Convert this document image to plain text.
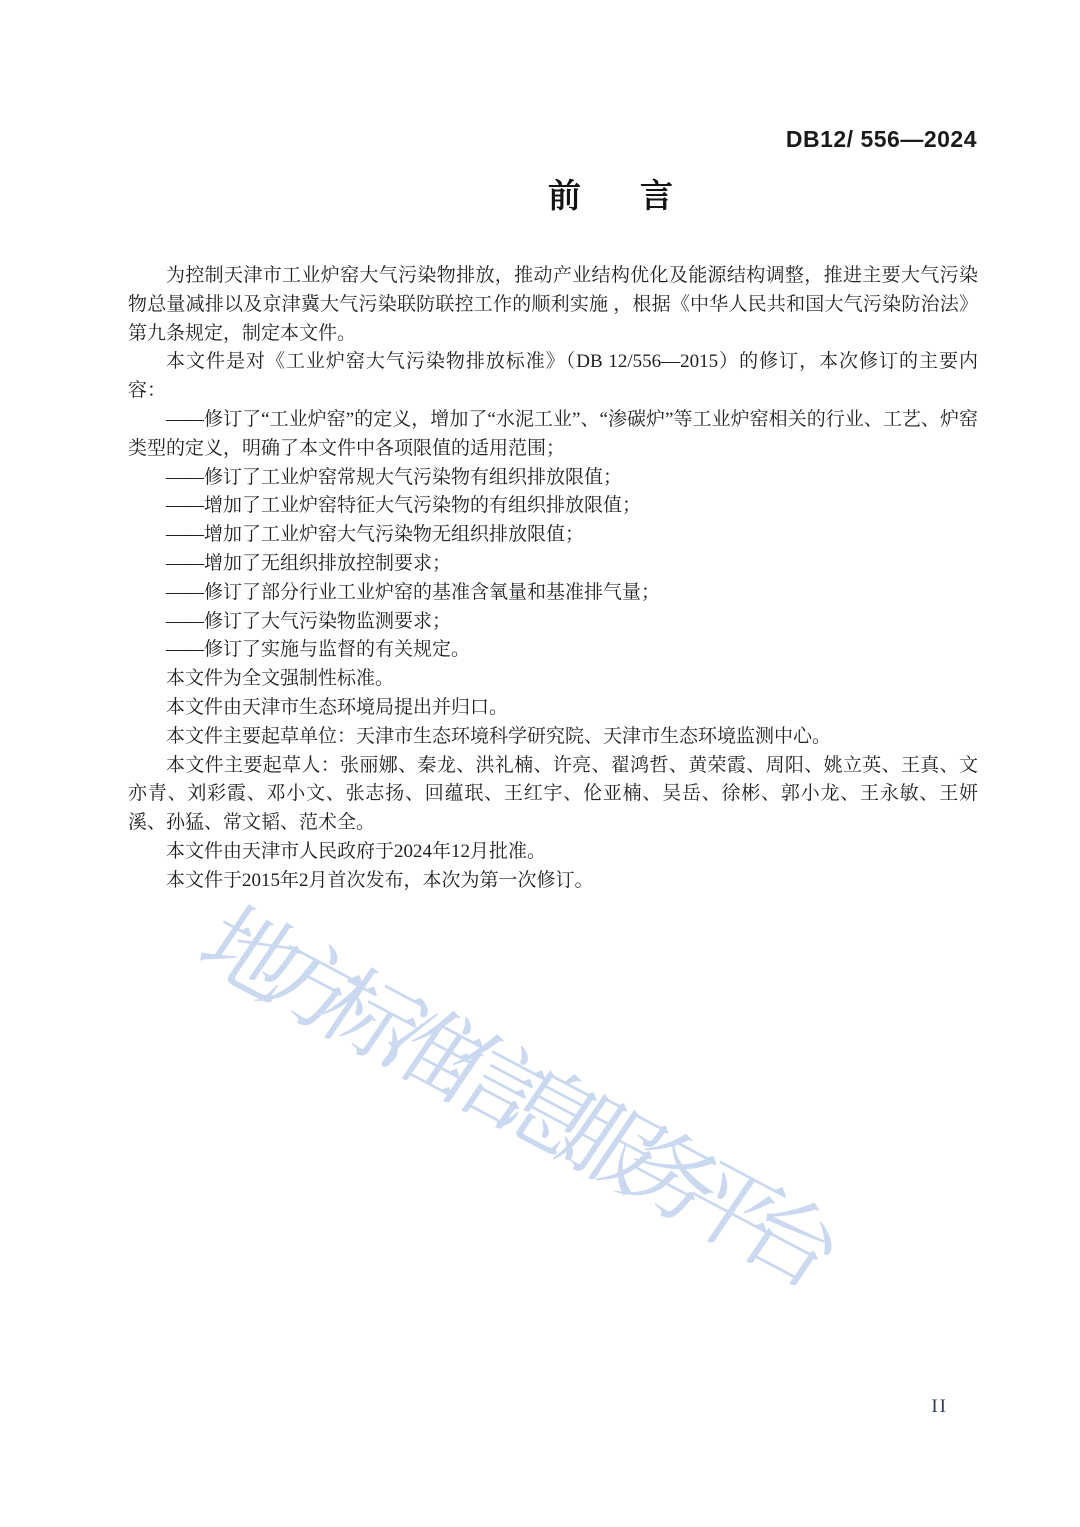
DB12/ 556—2024
前　言
地方标准信息服务平台

为控制天津市工业炉窑大气污染物排放，推动产业结构优化及能源结构调整，推进主要大气污染物总量减排以及京津冀大气污染联防联控工作的顺利实施 ，根据《中华人民共和国大气污染防治法》第九条规定，制定本文件。

本文件是对《工业炉窑大气污染物排放标准》（DB 12/556—2015）的修订，本次修订的主要内容：

——修订了“工业炉窑”的定义，增加了“水泥工业”、“渗碳炉”等工业炉窑相关的行业、工艺、炉窑类型的定义，明确了本文件中各项限值的适用范围；

——修订了工业炉窑常规大气污染物有组织排放限值；

——增加了工业炉窑特征大气污染物的有组织排放限值；

——增加了工业炉窑大气污染物无组织排放限值；

——增加了无组织排放控制要求；

——修订了部分行业工业炉窑的基准含氧量和基准排气量；

——修订了大气污染物监测要求；

——修订了实施与监督的有关规定。

本文件为全文强制性标准。

本文件由天津市生态环境局提出并归口。

本文件主要起草单位：天津市生态环境科学研究院、天津市生态环境监测中心。

本文件主要起草人：张丽娜、秦龙、洪礼楠、许亮、翟鸿哲、黄荣霞、周阳、姚立英、王真、文亦青、刘彩霞、邓小文、张志扬、回蕴珉、王红宇、伦亚楠、吴岳、徐彬、郭小龙、王永敏、王妍溪、孙猛、常文韬、范术全。

本文件由天津市人民政府于2024年12月批准。

本文件于2015年2月首次发布，本次为第一次修订。

II
